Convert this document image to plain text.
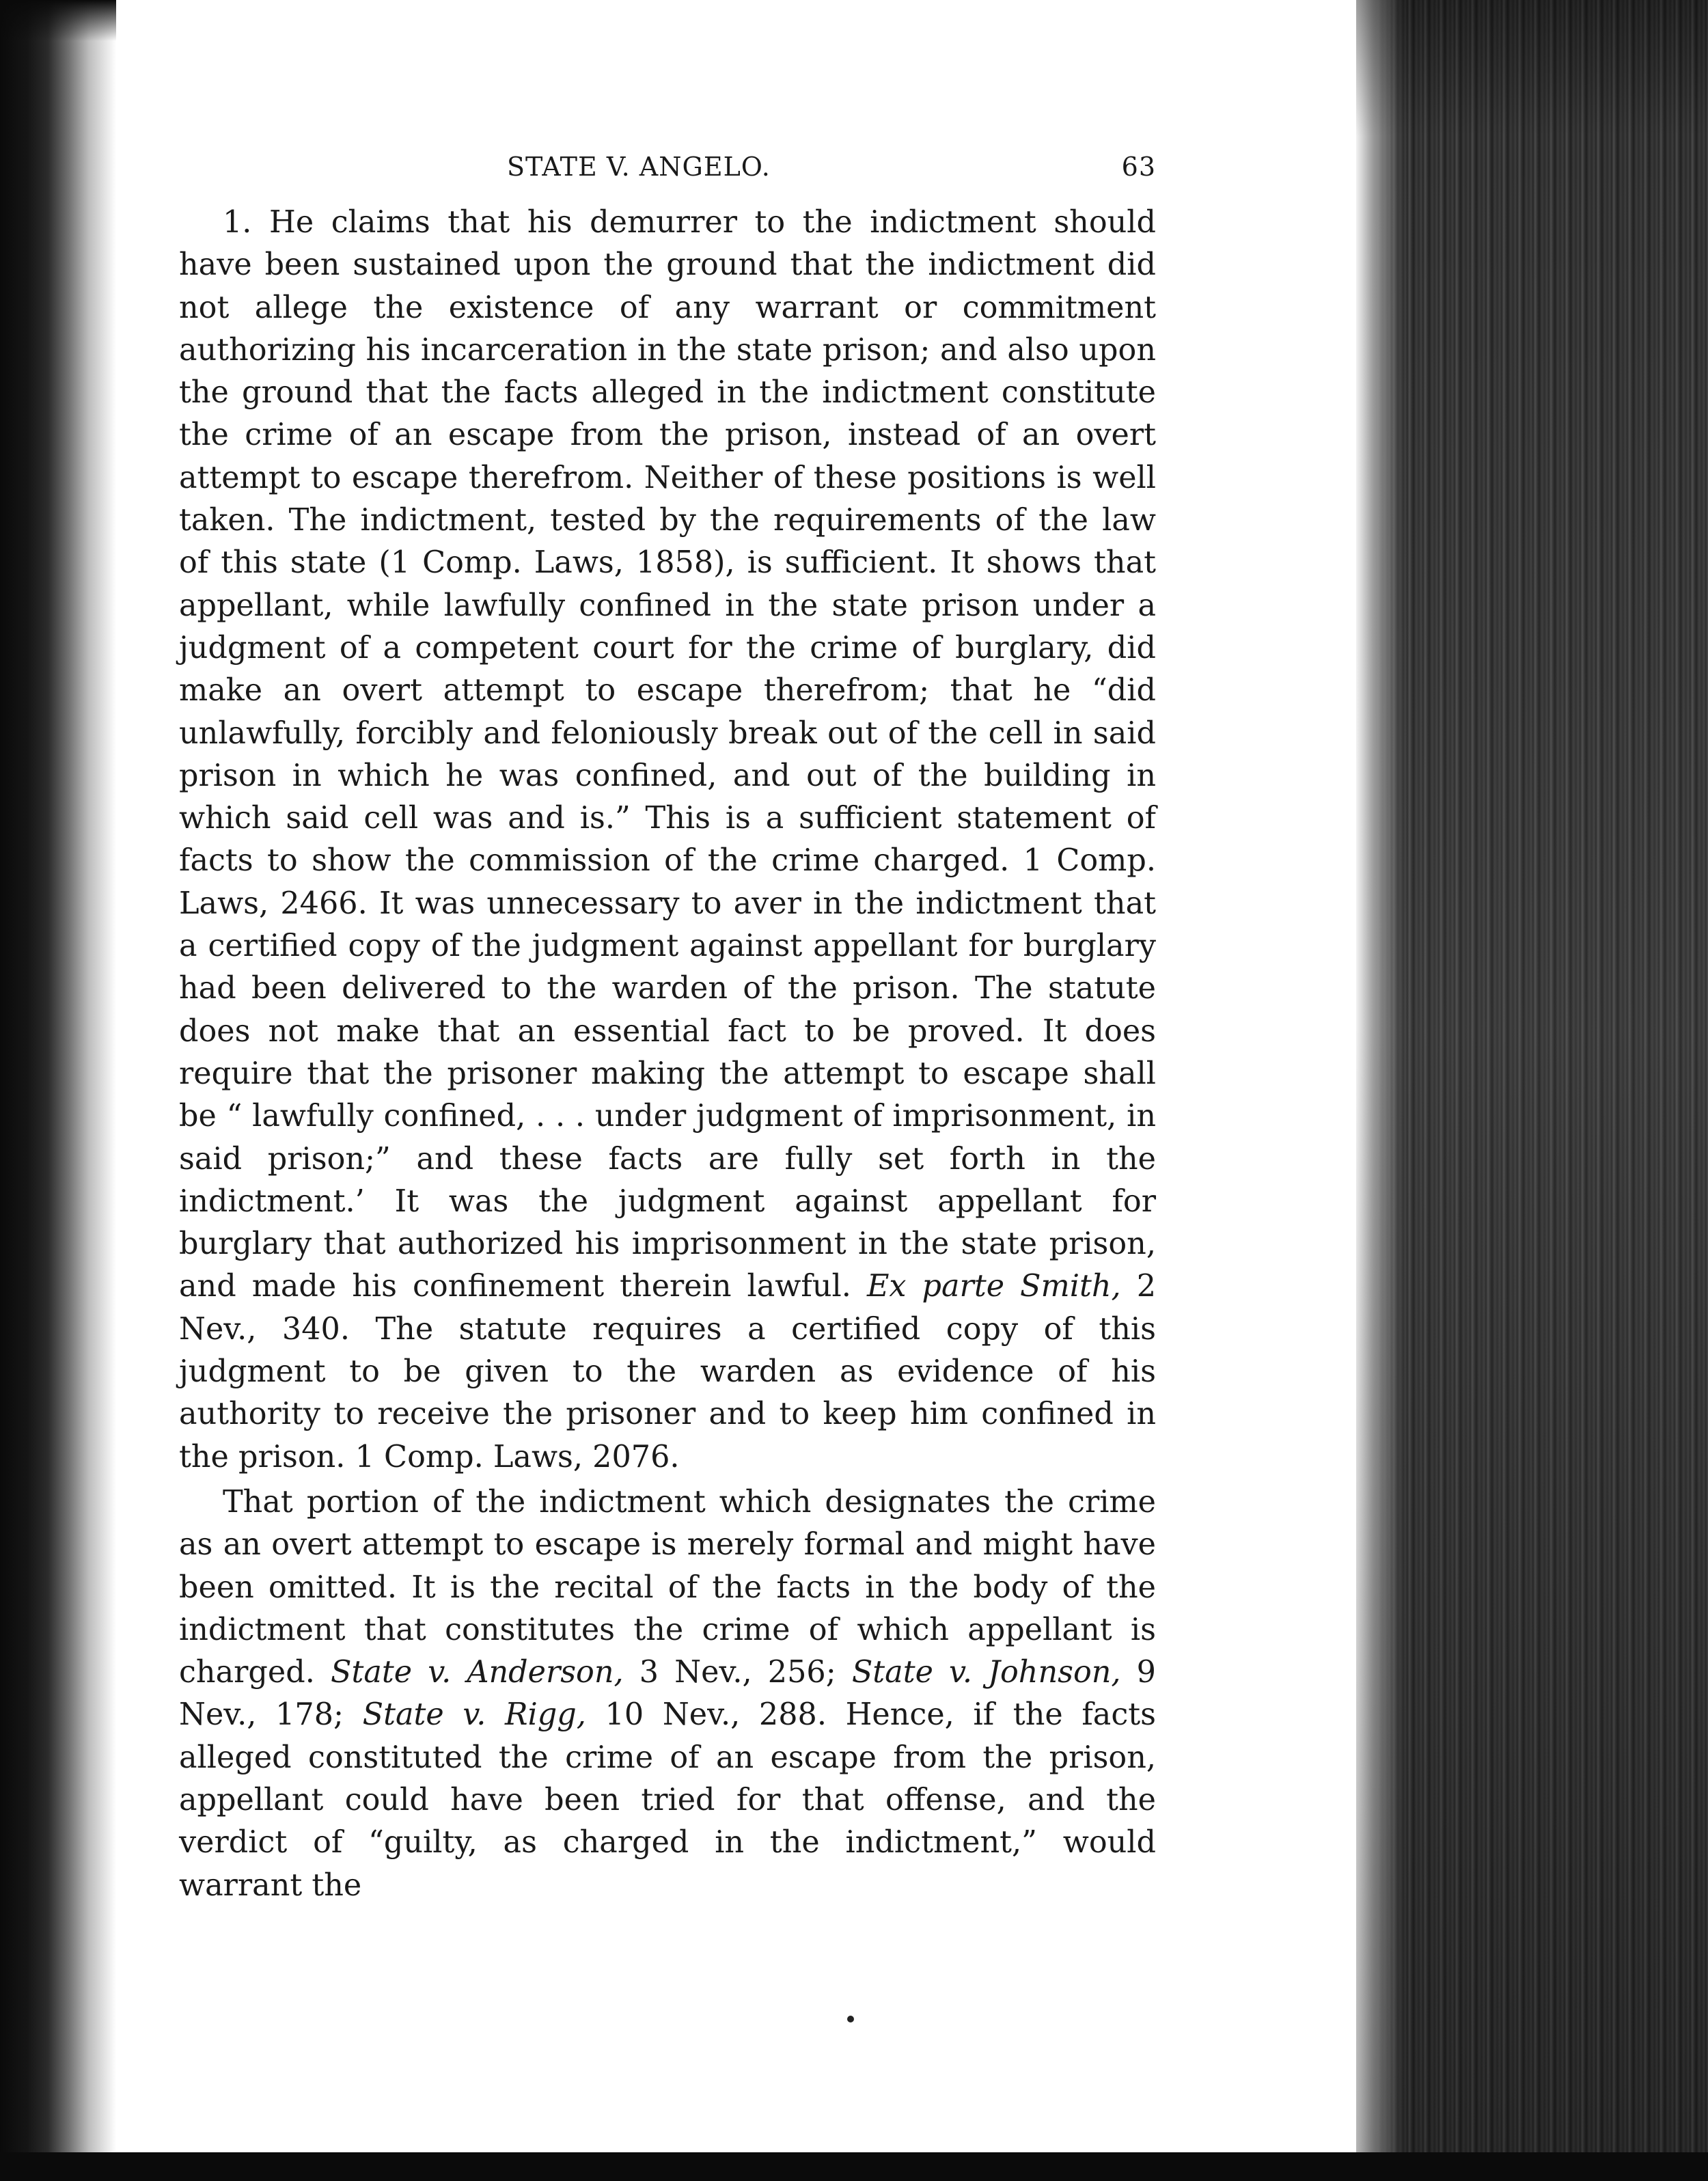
STATE V. ANGELO.	63

1. He claims that his demurrer to the indictment should have been sustained upon the ground that the indictment did not allege the existence of any warrant or commitment authorizing his incarceration in the state prison; and also upon the ground that the facts alleged in the indictment constitute the crime of an escape from the prison, instead of an overt attempt to escape therefrom. Neither of these positions is well taken. The indictment, tested by the requirements of the law of this state (1 Comp. Laws, 1858), is sufficient. It shows that appellant, while lawfully confined in the state prison under a judgment of a competent court for the crime of burglary, did make an overt attempt to escape therefrom; that he “did unlawfully, forcibly and feloniously break out of the cell in said prison in which he was confined, and out of the building in which said cell was and is.” This is a sufficient statement of facts to show the commission of the crime charged. 1 Comp. Laws, 2466. It was unnecessary to aver in the indictment that a certified copy of the judgment against appellant for burglary had been delivered to the warden of the prison. The statute does not make that an essential fact to be proved. It does require that the prisoner making the attempt to escape shall be “ lawfully confined, . . . under judgment of imprisonment, in said prison;” and these facts are fully set forth in the indictment.’ It was the judgment against appellant for burglary that authorized his imprisonment in the state prison, and made his confinement therein lawful. Ex parte Smith, 2 Nev., 340. The statute requires a certified copy of this judgment to be given to the warden as evidence of his authority to receive the prisoner and to keep him confined in the prison. 1 Comp. Laws, 2076.

That portion of the indictment which designates the crime as an overt attempt to escape is merely formal and might have been omitted. It is the recital of the facts in the body of the indictment that constitutes the crime of which appellant is charged. State v. Anderson, 3 Nev., 256; State v. Johnson, 9 Nev., 178; State v. Rigg, 10 Nev., 288. Hence, if the facts alleged constituted the crime of an escape from the prison, appellant could have been tried for that offense, and the verdict of “guilty, as charged in the indictment,” would warrant the
